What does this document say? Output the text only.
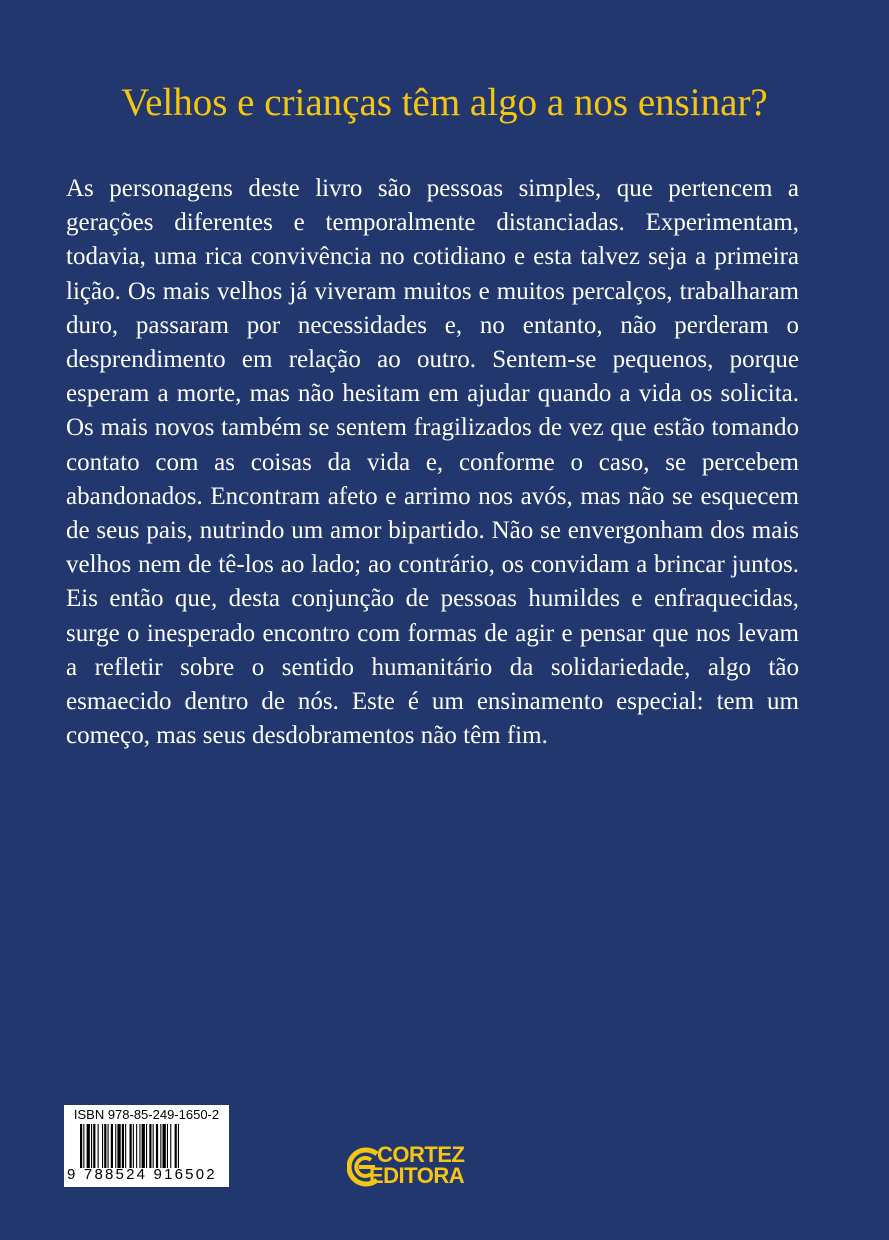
Velhos e crianças têm algo a nos ensinar?

As personagens deste livro são pessoas simples, que pertencem a gerações diferentes e temporalmente distanciadas. Experimentam, todavia, uma rica convivência no cotidiano e esta talvez seja a primeira lição. Os mais velhos já viveram muitos e muitos percalços, trabalharam duro, passaram por necessidades e, no entanto, não perderam o desprendimento em relação ao outro. Sentem-se pequenos, porque esperam a morte, mas não hesitam em ajudar quando a vida os solicita. Os mais novos também se sentem fragilizados de vez que estão tomando contato com as coisas da vida e, conforme o caso, se percebem abandonados. Encontram afeto e arrimo nos avós, mas não se esquecem de seus pais, nutrindo um amor bipartido. Não se envergonham dos mais velhos nem de tê-los ao lado; ao contrário, os convidam a brincar juntos. Eis então que, desta conjunção de pessoas humildes e enfraquecidas, surge o inesperado encontro com formas de agir e pensar que nos levam a refletir sobre o sentido humanitário da solidariedade, algo tão esmaecido dentro de nós. Este é um ensinamento especial: tem um começo, mas seus desdobramentos não têm fim.

ISBN 978-85-249-1650-2
9 788524 916502
CORTEZ
EDITORA
